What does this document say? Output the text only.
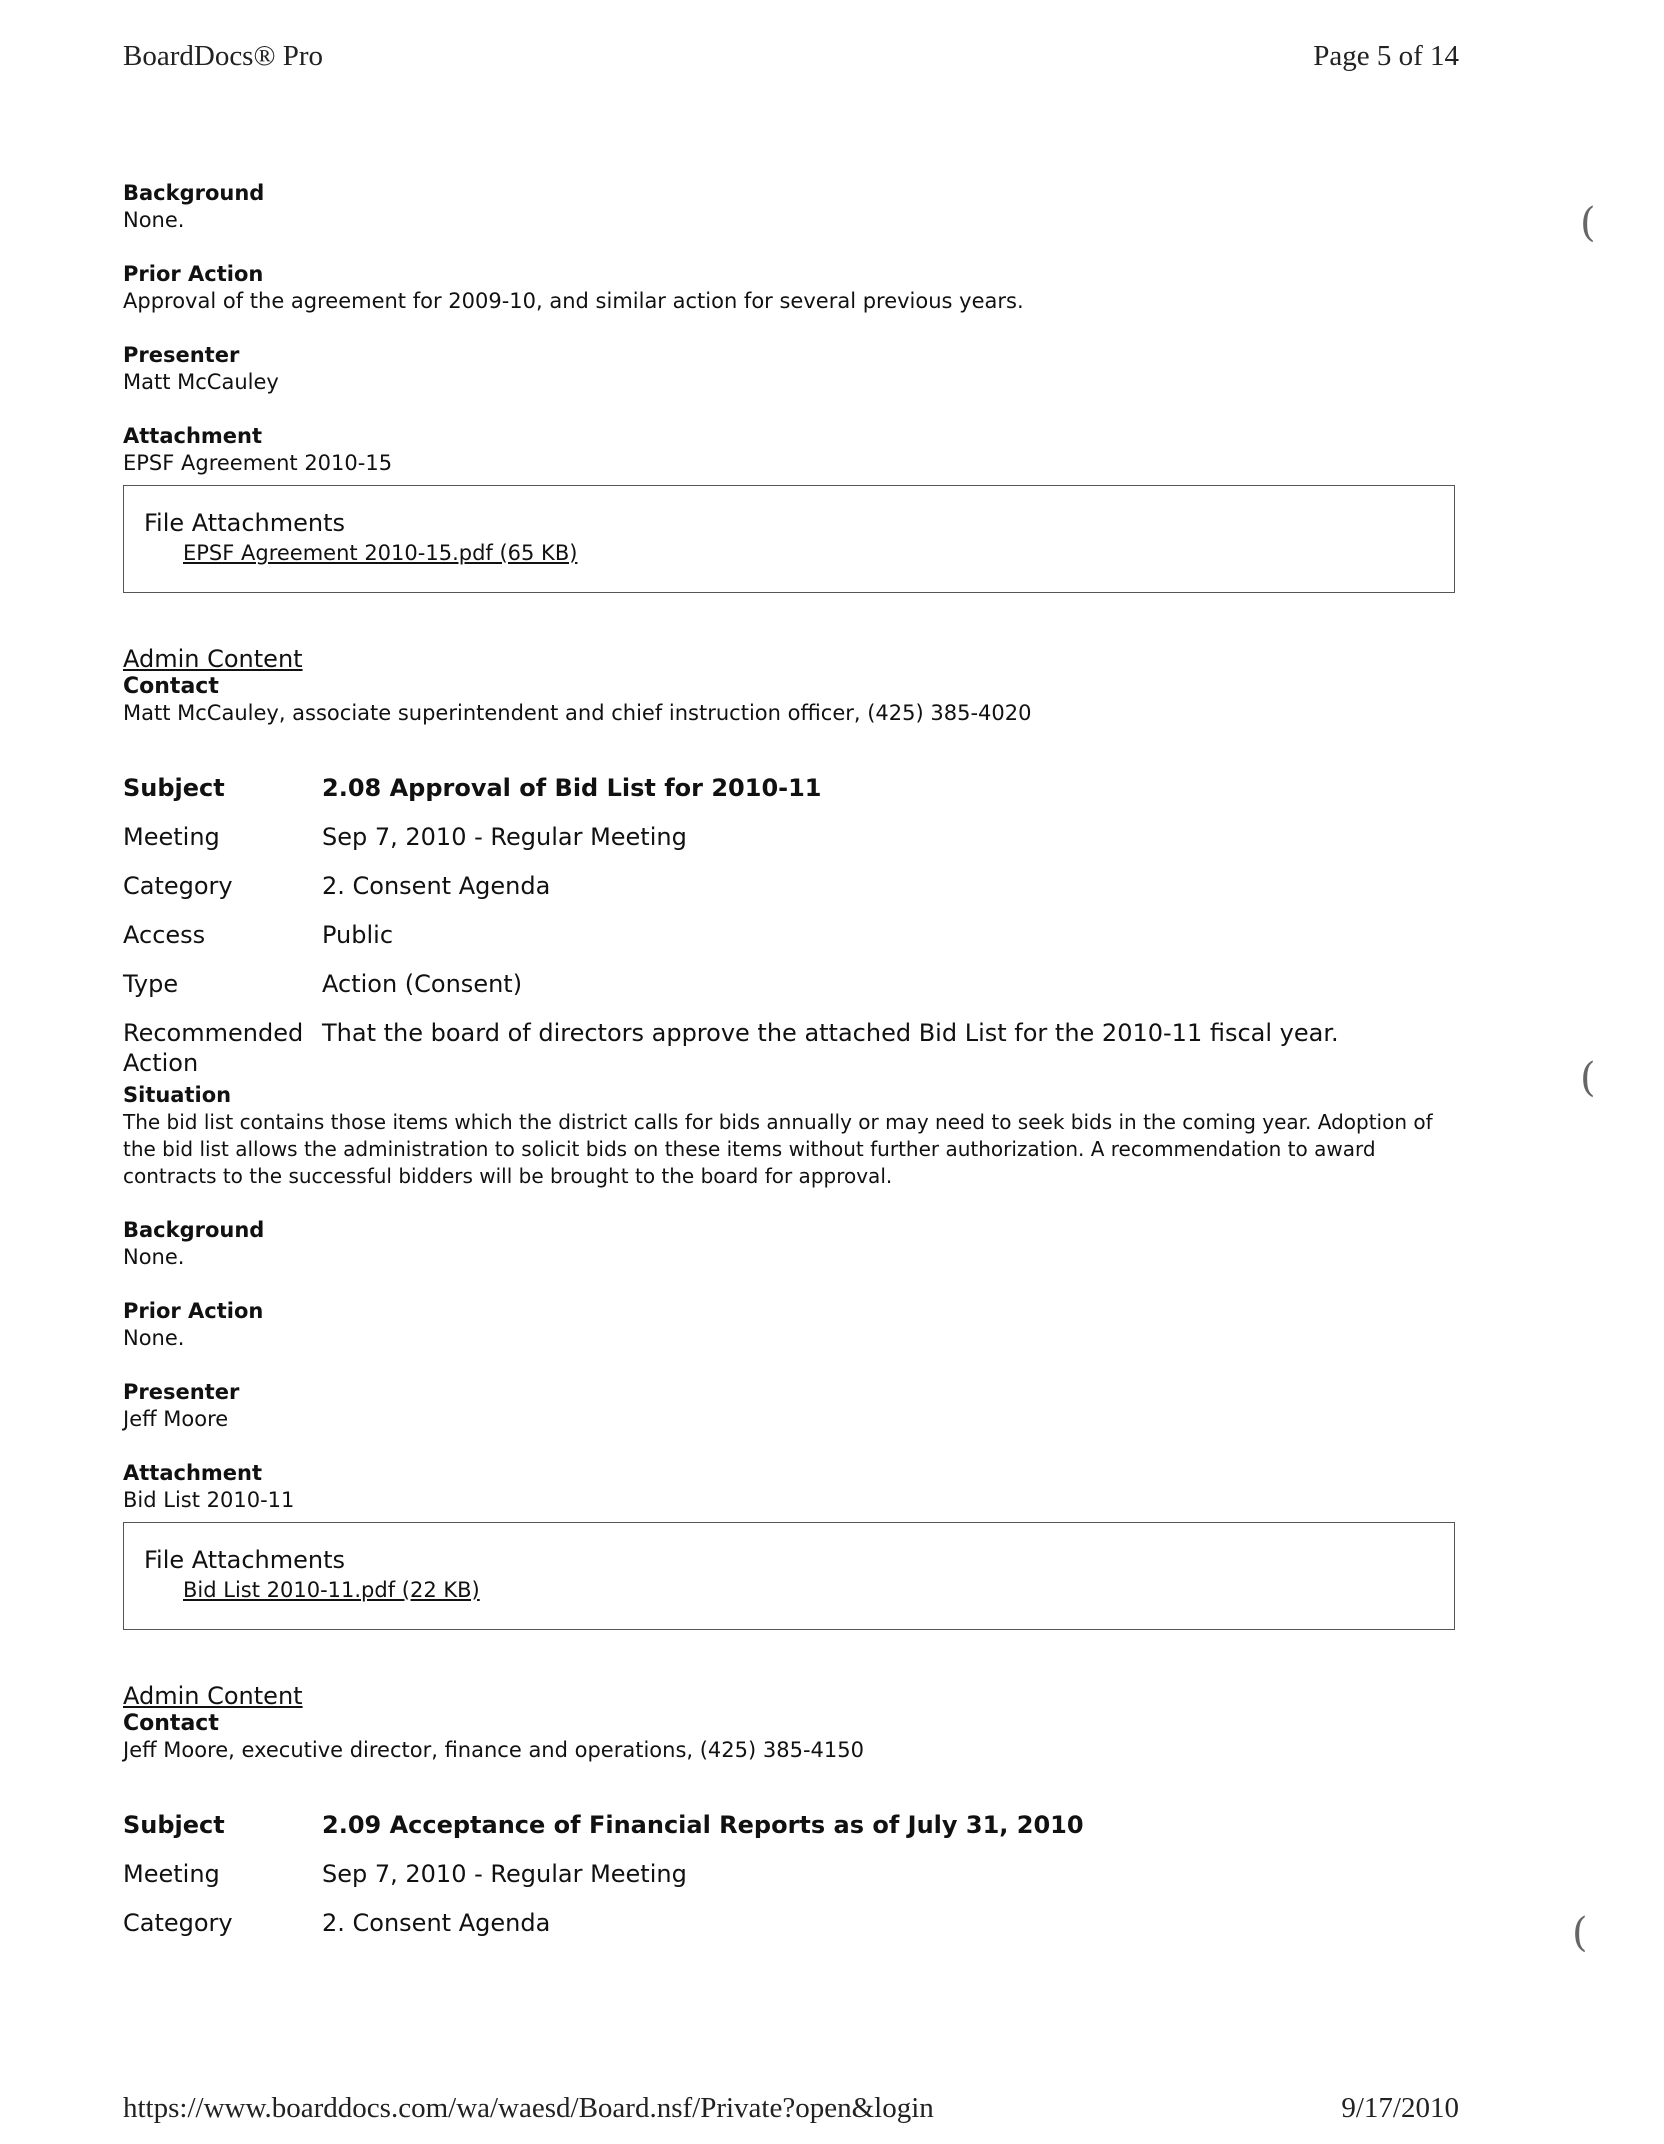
BoardDocs® Pro	Page 5 of 14
(
(
(
Background
None.
Prior Action
Approval of the agreement for 2009-10, and similar action for several previous years.
Presenter
Matt McCauley
Attachment
EPSF Agreement 2010-15
File Attachments
EPSF Agreement 2010-15.pdf (65 KB)
Admin Content
Contact
Matt McCauley, associate superintendent and chief instruction officer, (425) 385-4020
Subject	2.08 Approval of Bid List for 2010-11
Meeting	Sep 7, 2010 - Regular Meeting
Category	2. Consent Agenda
Access	Public
Type	Action (Consent)
Recommended
Action	That the board of directors approve the attached Bid List for the 2010-11 fiscal year.
Situation
The bid list contains those items which the district calls for bids annually or may need to seek bids in the coming year. Adoption of the bid list allows the administration to solicit bids on these items without further authorization. A recommendation to award contracts to the successful bidders will be brought to the board for approval.
Background
None.
Prior Action
None.
Presenter
Jeff Moore
Attachment
Bid List 2010-11
File Attachments
Bid List 2010-11.pdf (22 KB)
Admin Content
Contact
Jeff Moore, executive director, finance and operations, (425) 385-4150
Subject	2.09 Acceptance of Financial Reports as of July 31, 2010
Meeting	Sep 7, 2010 - Regular Meeting
Category	2. Consent Agenda
https://www.boarddocs.com/wa/waesd/Board.nsf/Private?open&login	9/17/2010
